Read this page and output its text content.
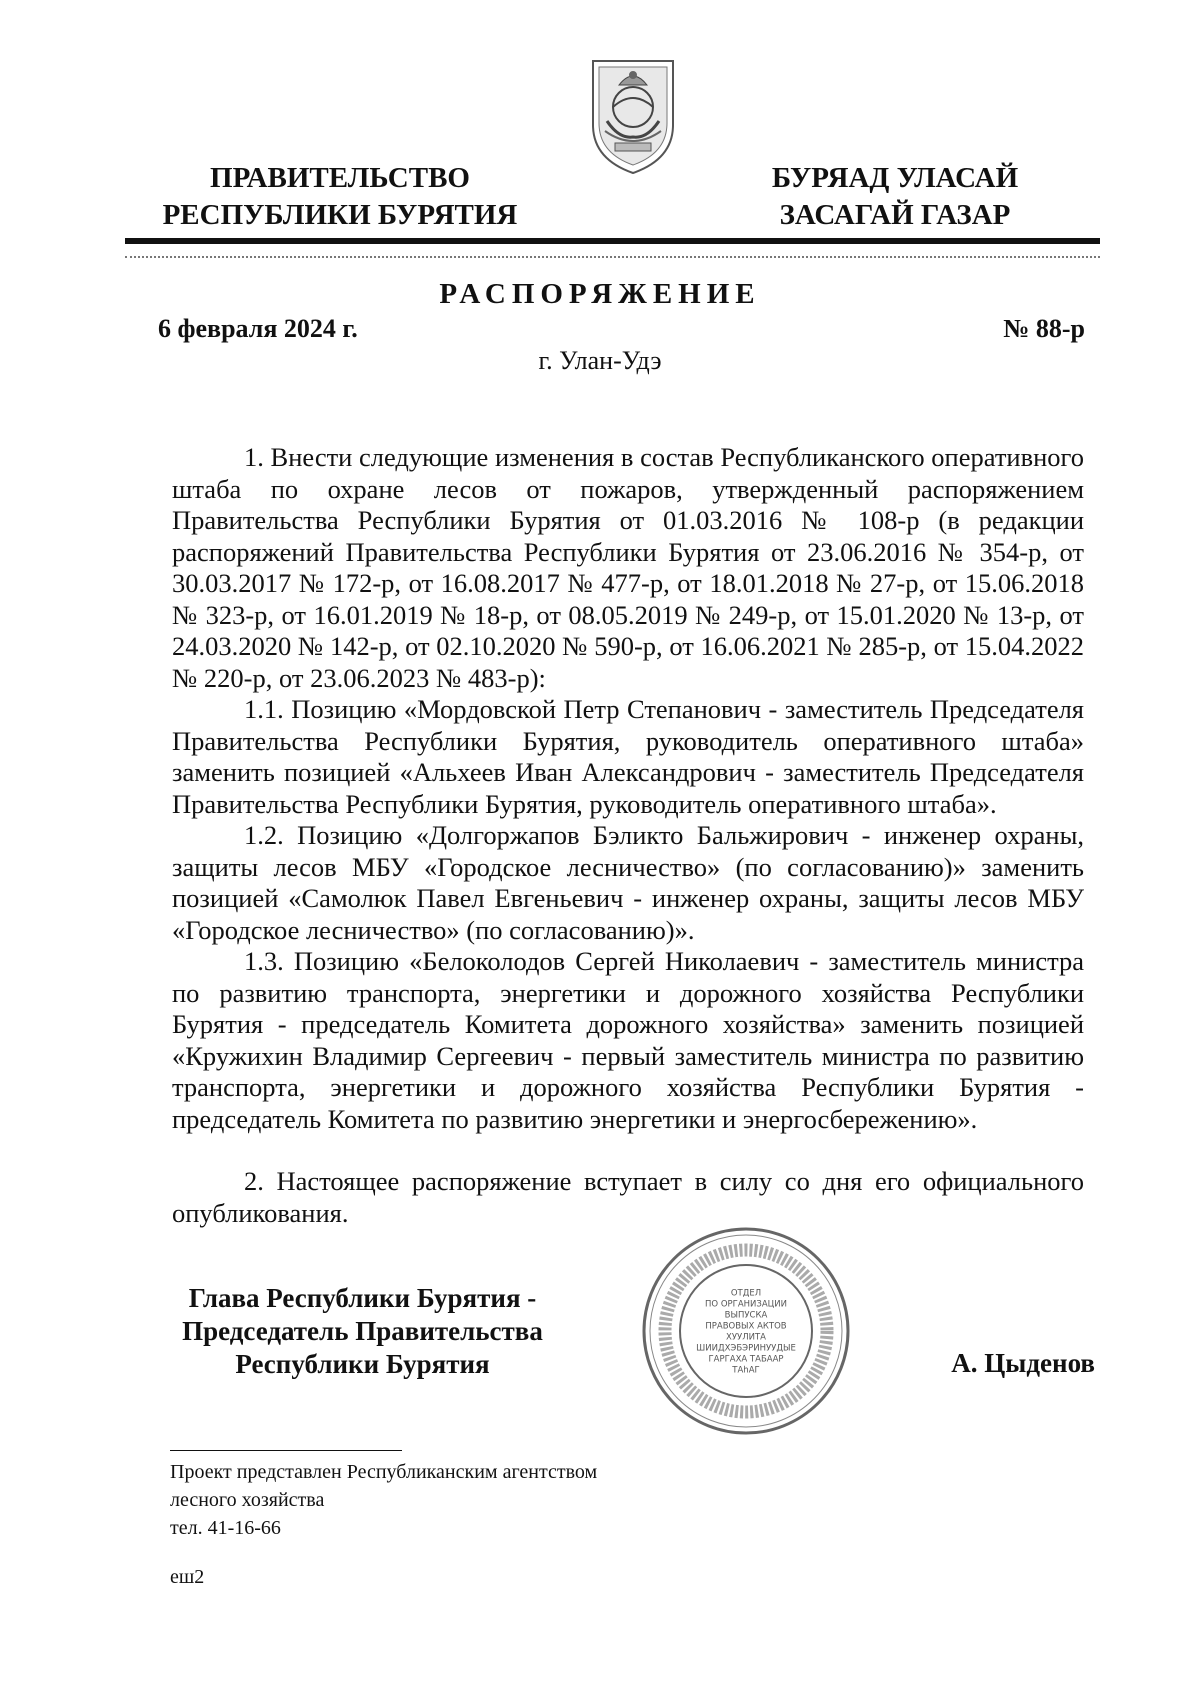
ПРАВИТЕЛЬСТВО
РЕСПУБЛИКИ БУРЯТИЯ
БУРЯАД УЛАСАЙ
ЗАСАГАЙ ГАЗАР
РАСПОРЯЖЕНИЕ
6 февраля 2024 г.	№ 88-р
г. Улан-Удэ

1. Внести следующие изменения в состав Республиканского оперативного штаба по охране лесов от пожаров, утвержденный распоряжением Правительства Республики Бурятия от 01.03.2016 № 108-р (в редакции распоряжений Правительства Республики Бурятия от 23.06.2016 № 354-р, от 30.03.2017 № 172-р, от 16.08.2017 № 477-р, от 18.01.2018 № 27-р, от 15.06.2018 № 323-р, от 16.01.2019 № 18-р, от 08.05.2019 № 249-р, от 15.01.2020 № 13-р, от 24.03.2020 № 142-р, от 02.10.2020 № 590-р, от 16.06.2021 № 285-р, от 15.04.2022 № 220-р, от 23.06.2023 № 483-р):

1.1. Позицию «Мордовской Петр Степанович - заместитель Председателя Правительства Республики Бурятия, руководитель оперативного штаба» заменить позицией «Альхеев Иван Александрович - заместитель Председателя Правительства Республики Бурятия, руководитель оперативного штаба».

1.2. Позицию «Долгоржапов Бэликто Бальжирович - инженер охраны, защиты лесов МБУ «Городское лесничество» (по согласованию)» заменить позицией «Самолюк Павел Евгеньевич - инженер охраны, защиты лесов МБУ «Городское лесничество» (по согласованию)».

1.3. Позицию «Белоколодов Сергей Николаевич - заместитель министра по развитию транспорта, энергетики и дорожного хозяйства Республики Бурятия - председатель Комитета дорожного хозяйства» заменить позицией «Кружихин Владимир Сергеевич - первый заместитель министра по развитию транспорта, энергетики и дорожного хозяйства Республики Бурятия - председатель Комитета по развитию энергетики и энергосбережению».

2. Настоящее распоряжение вступает в силу со дня его официального опубликования.

Глава Республики Бурятия -
Председатель Правительства
Республики Бурятия	А. Цыденов
ОТДЕЛ
ПО ОРГАНИЗАЦИИ
ВЫПУСКА
ПРАВОВЫХ АКТОВ
ХУУЛИТА
ШИИДХЭБЭРИНУУДЫЕ
ГАРГАХА ТАБААР
ТАһАГ
Проект представлен Республиканским агентством
лесного хозяйства
тел. 41-16-66
еш2
